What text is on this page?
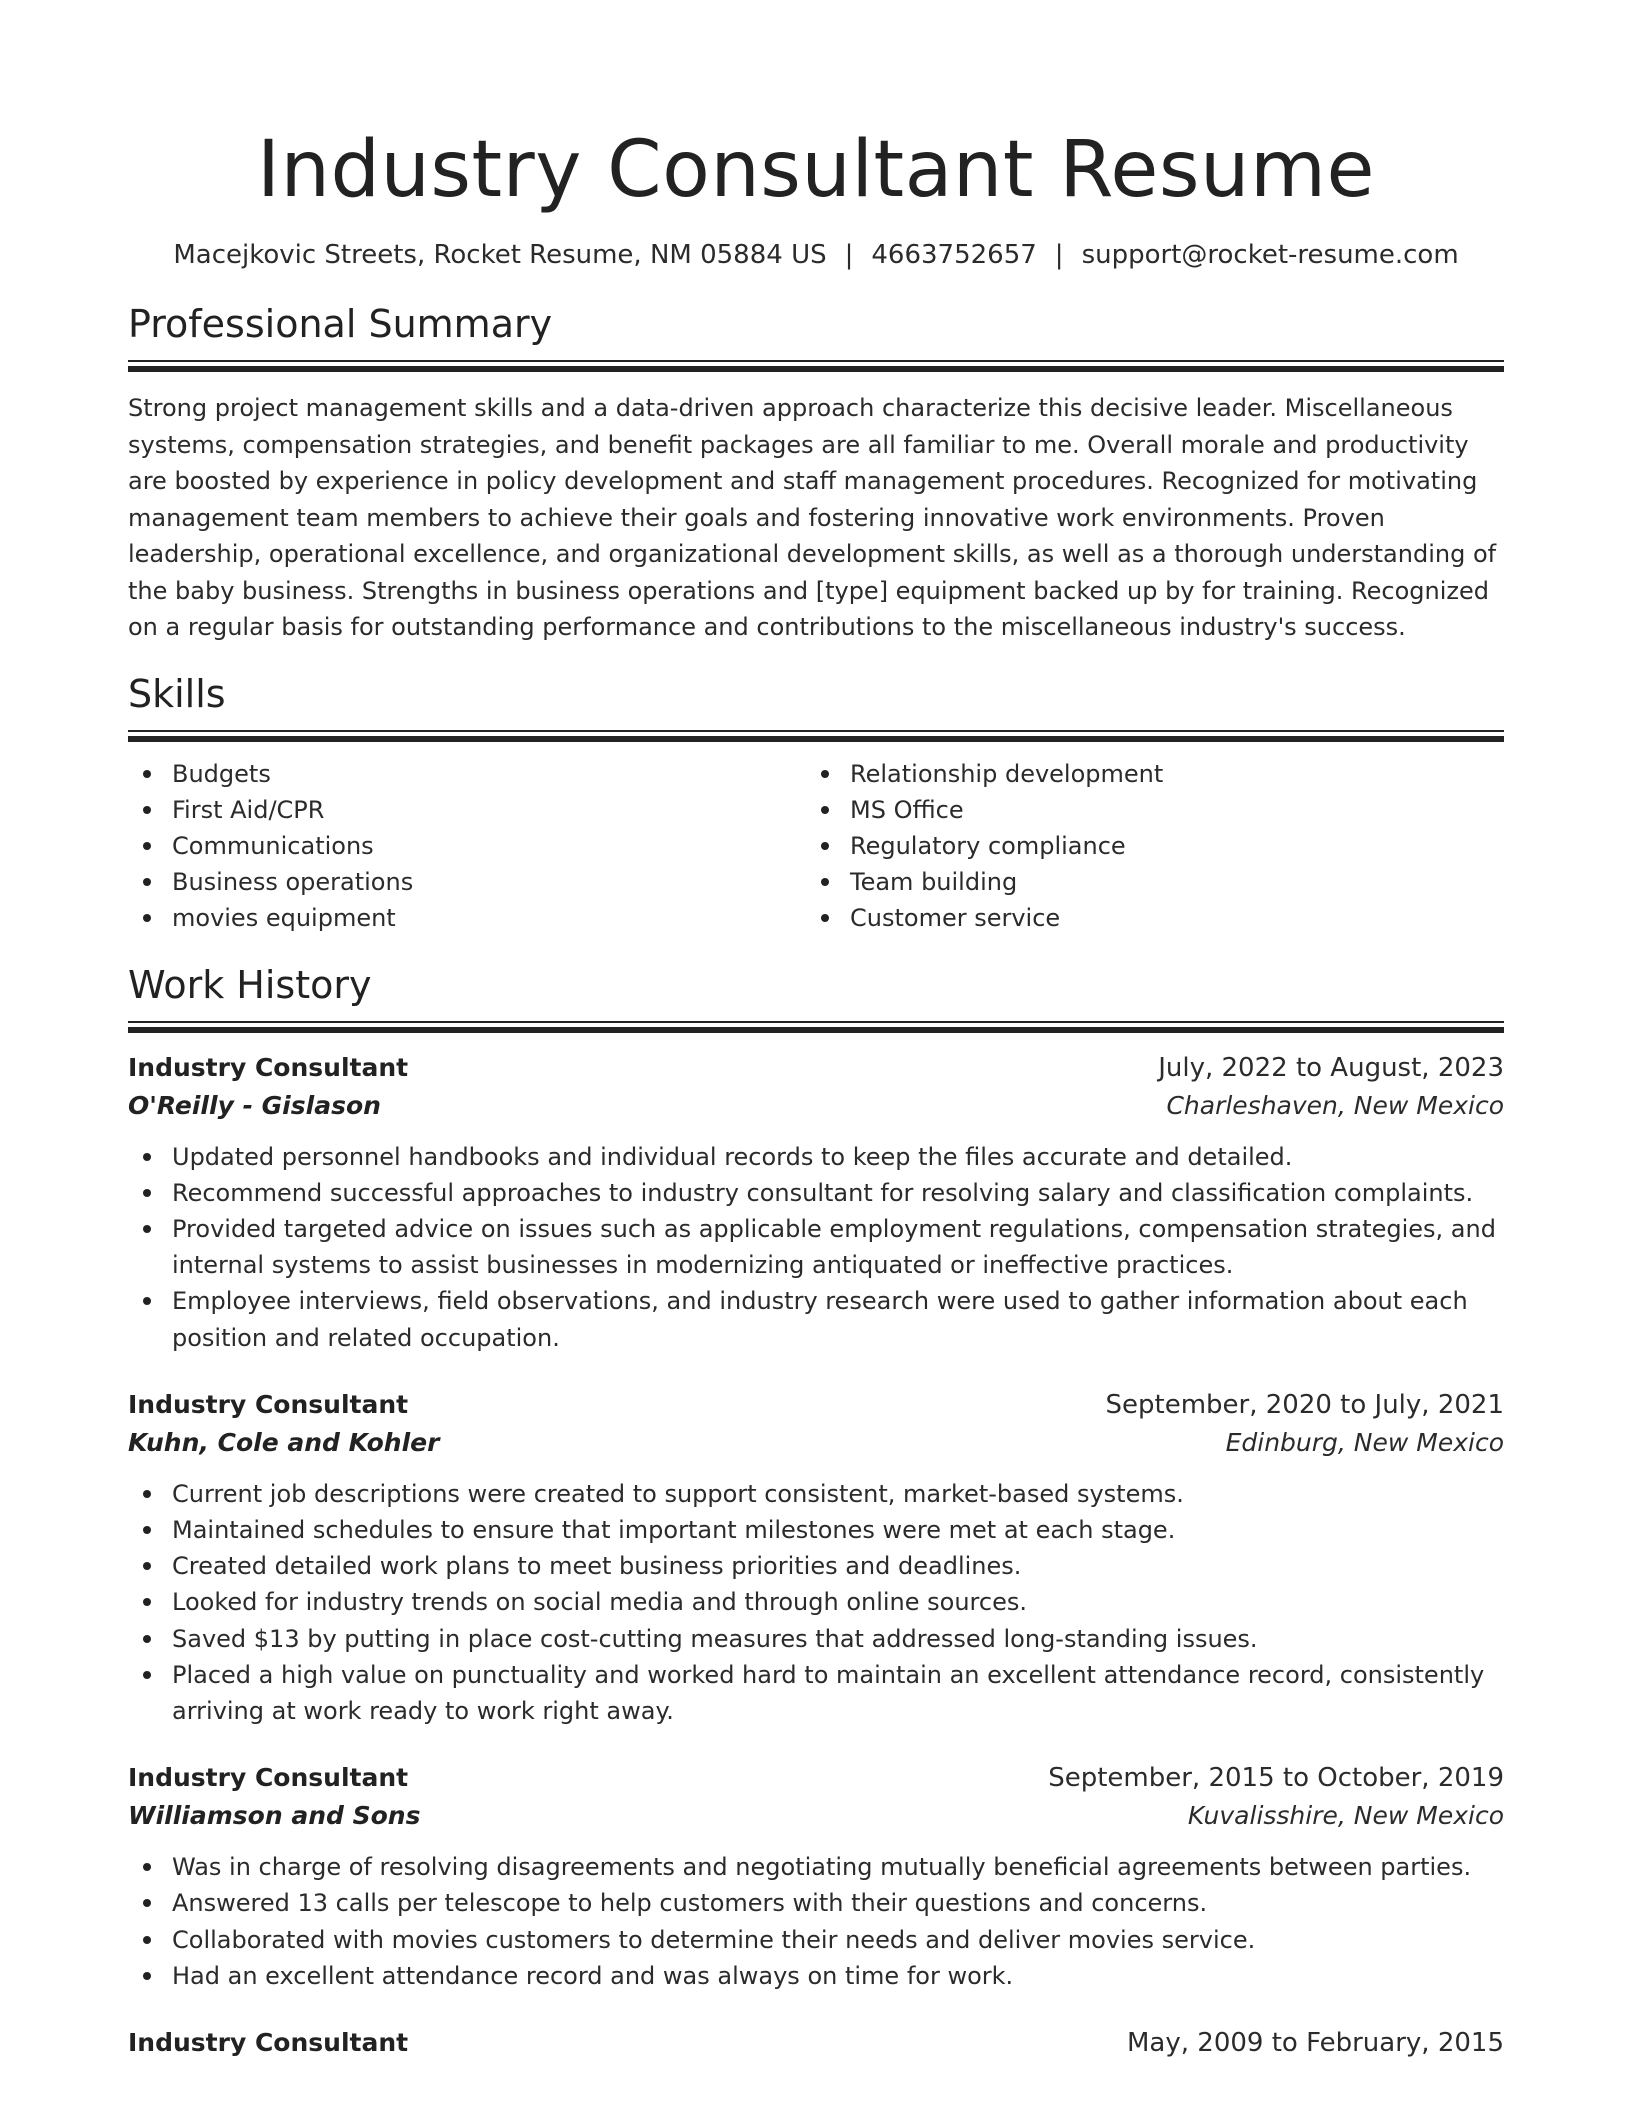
Industry Consultant Resume
Macejkovic Streets, Rocket Resume, NM 05884 US | 4663752657 | support@rocket-resume.com
Professional Summary

Strong project management skills and a data-driven approach characterize this decisive leader. Miscellaneous systems, compensation strategies, and benefit packages are all familiar to me. Overall morale and productivity are boosted by experience in policy development and staff management procedures. Recognized for motivating management team members to achieve their goals and fostering innovative work environments. Proven leadership, operational excellence, and organizational development skills, as well as a thorough understanding of the baby business. Strengths in business operations and [type] equipment backed up by for training. Recognized on a regular basis for outstanding performance and contributions to the miscellaneous industry's success.

Skills
Budgets
First Aid/CPR
Communications
Business operations
movies equipment
Relationship development
MS Office
Regulatory compliance
Team building
Customer service
Work History
Industry Consultant	July, 2022 to August, 2023
O'Reilly - Gislason	Charleshaven, New Mexico
Updated personnel handbooks and individual records to keep the files accurate and detailed.
Recommend successful approaches to industry consultant for resolving salary and classification complaints.
Provided targeted advice on issues such as applicable employment regulations, compensation strategies, and internal systems to assist businesses in modernizing antiquated or ineffective practices.
Employee interviews, field observations, and industry research were used to gather information about each position and related occupation.
Industry Consultant	September, 2020 to July, 2021
Kuhn, Cole and Kohler	Edinburg, New Mexico
Current job descriptions were created to support consistent, market-based systems.
Maintained schedules to ensure that important milestones were met at each stage.
Created detailed work plans to meet business priorities and deadlines.
Looked for industry trends on social media and through online sources.
Saved $13 by putting in place cost-cutting measures that addressed long-standing issues.
Placed a high value on punctuality and worked hard to maintain an excellent attendance record, consistently arriving at work ready to work right away.
Industry Consultant	September, 2015 to October, 2019
Williamson and Sons	Kuvalisshire, New Mexico
Was in charge of resolving disagreements and negotiating mutually beneficial agreements between parties.
Answered 13 calls per telescope to help customers with their questions and concerns.
Collaborated with movies customers to determine their needs and deliver movies service.
Had an excellent attendance record and was always on time for work.
Industry Consultant	May, 2009 to February, 2015
